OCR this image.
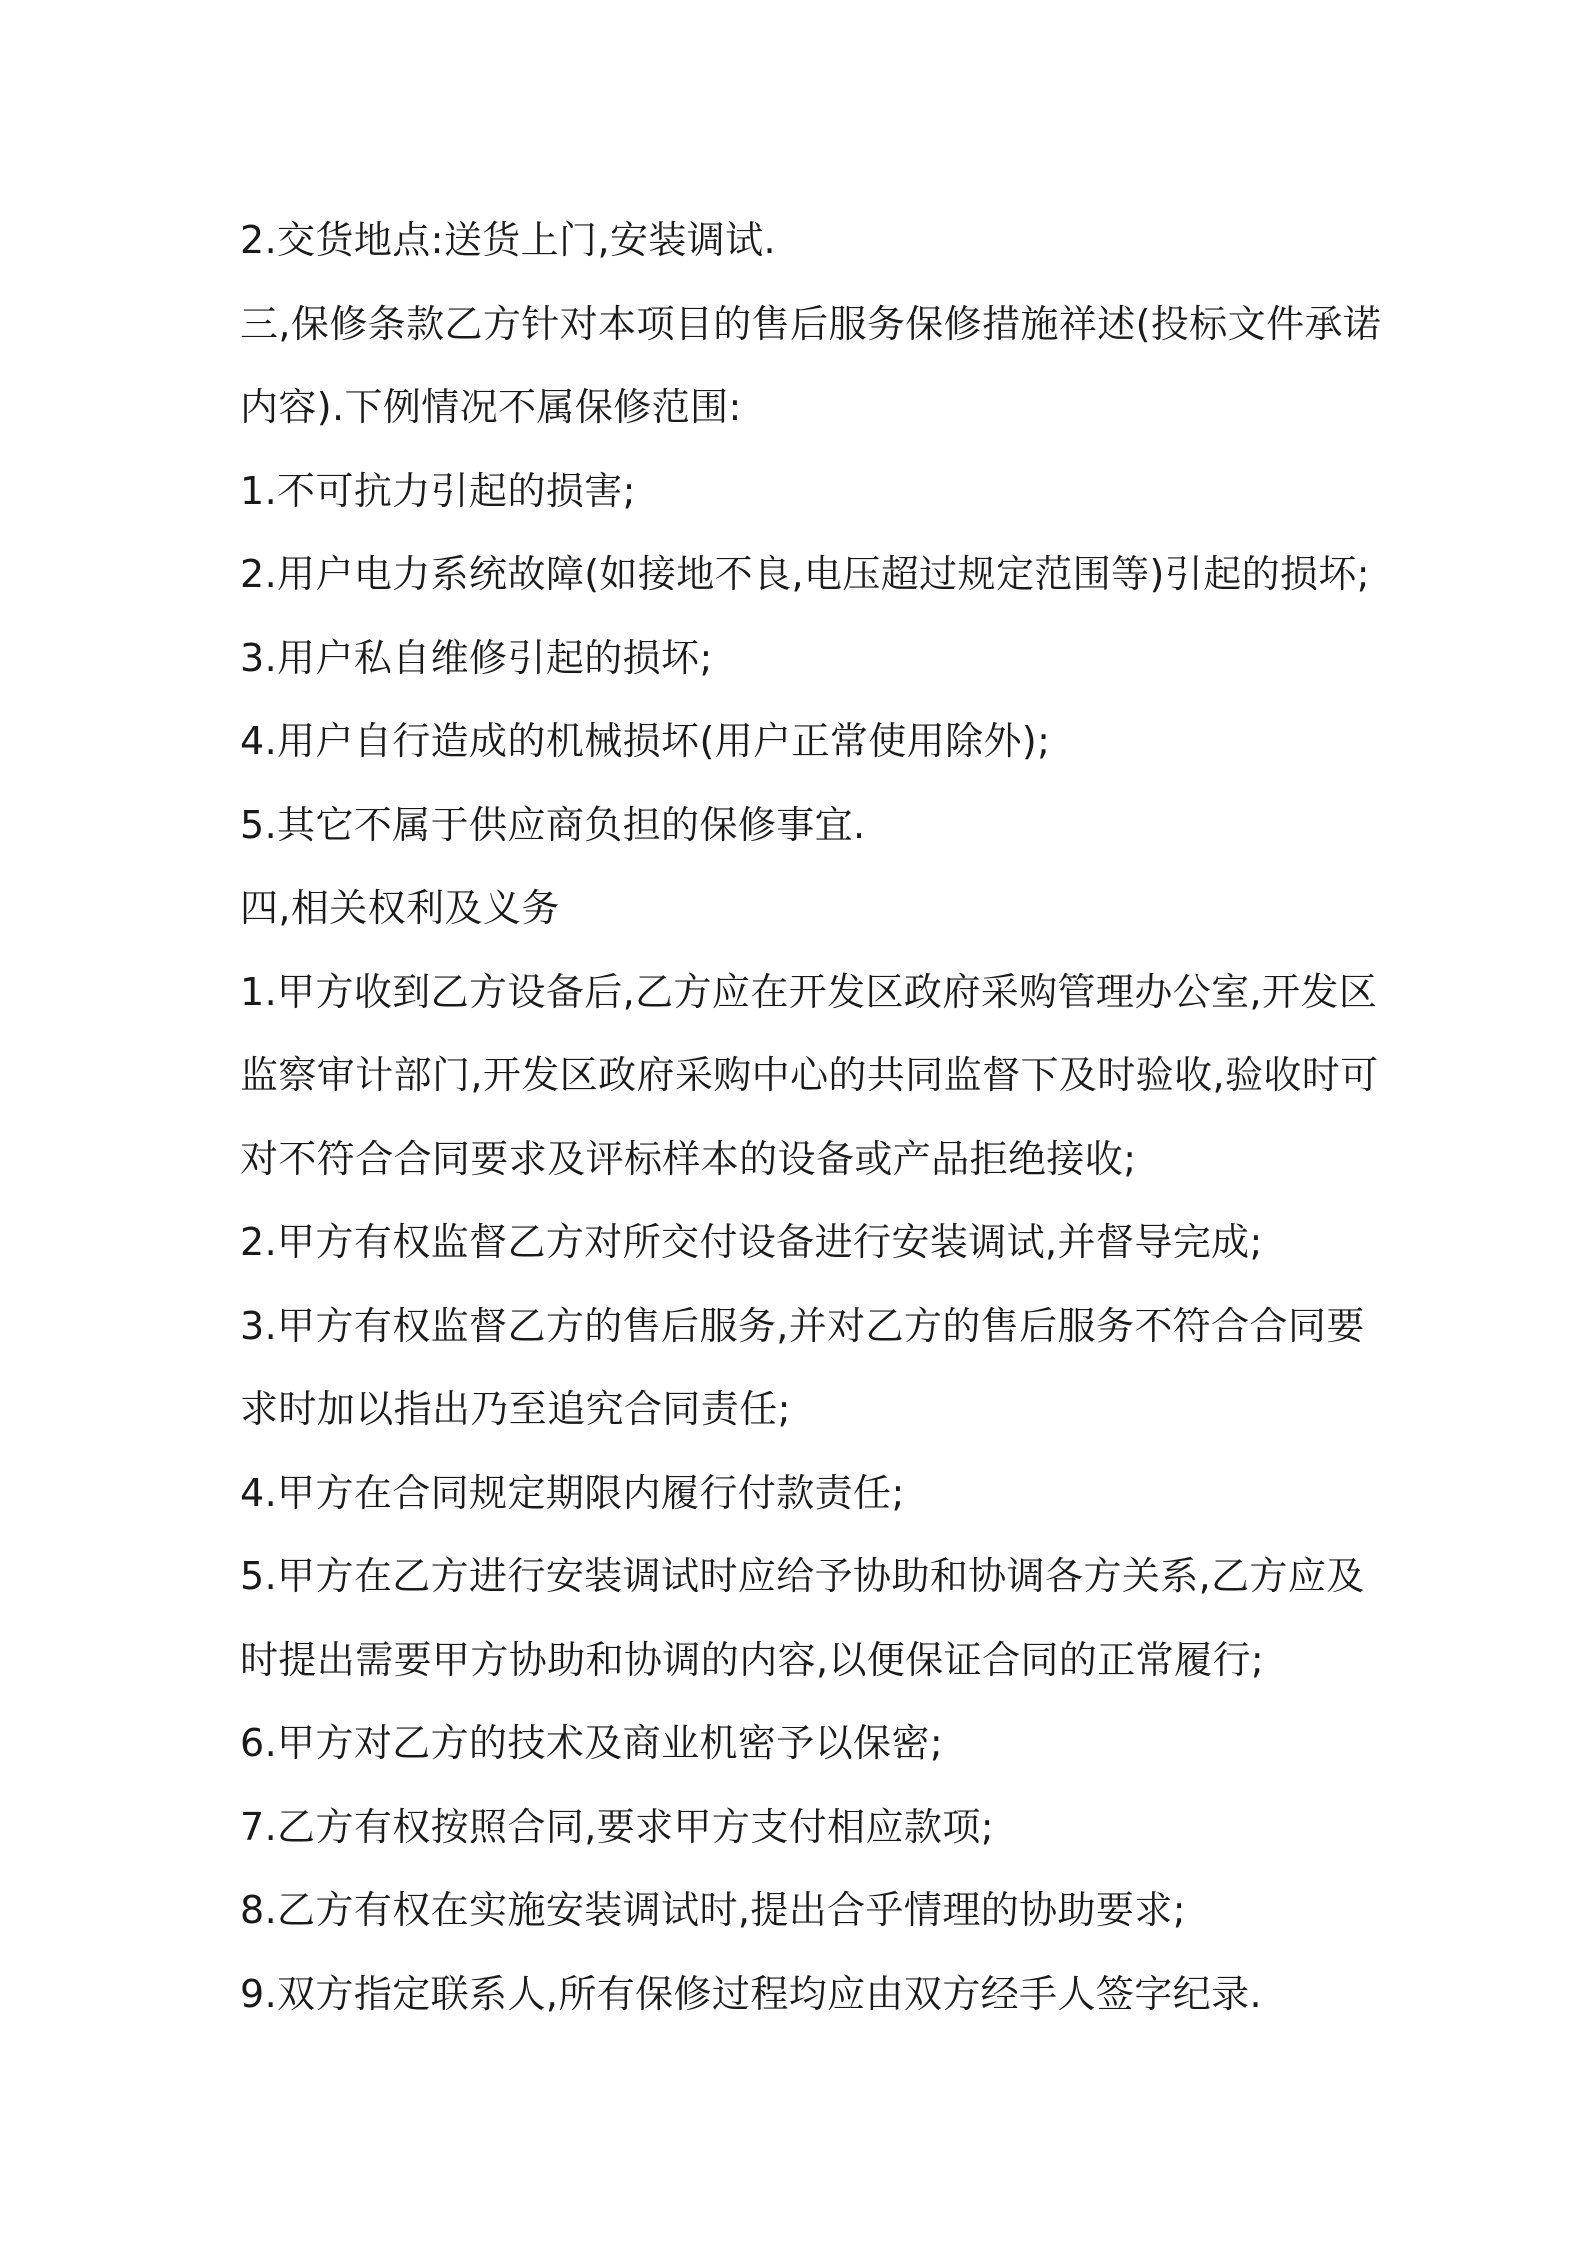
2.交货地点:送货上门,安装调试.
三,保修条款乙方针对本项目的售后服务保修措施祥述(投标文件承诺
内容).下例情况不属保修范围:
1.不可抗力引起的损害;
2.用户电力系统故障(如接地不良,电压超过规定范围等)引起的损坏;
3.用户私自维修引起的损坏;
4.用户自行造成的机械损坏(用户正常使用除外);
5.其它不属于供应商负担的保修事宜.
四,相关权利及义务
1.甲方收到乙方设备后,乙方应在开发区政府采购管理办公室,开发区
监察审计部门,开发区政府采购中心的共同监督下及时验收,验收时可
对不符合合同要求及评标样本的设备或产品拒绝接收;
2.甲方有权监督乙方对所交付设备进行安装调试,并督导完成;
3.甲方有权监督乙方的售后服务,并对乙方的售后服务不符合合同要
求时加以指出乃至追究合同责任;
4.甲方在合同规定期限内履行付款责任;
5.甲方在乙方进行安装调试时应给予协助和协调各方关系,乙方应及
时提出需要甲方协助和协调的内容,以便保证合同的正常履行;
6.甲方对乙方的技术及商业机密予以保密;
7.乙方有权按照合同,要求甲方支付相应款项;
8.乙方有权在实施安装调试时,提出合乎情理的协助要求;
9.双方指定联系人,所有保修过程均应由双方经手人签字纪录.
